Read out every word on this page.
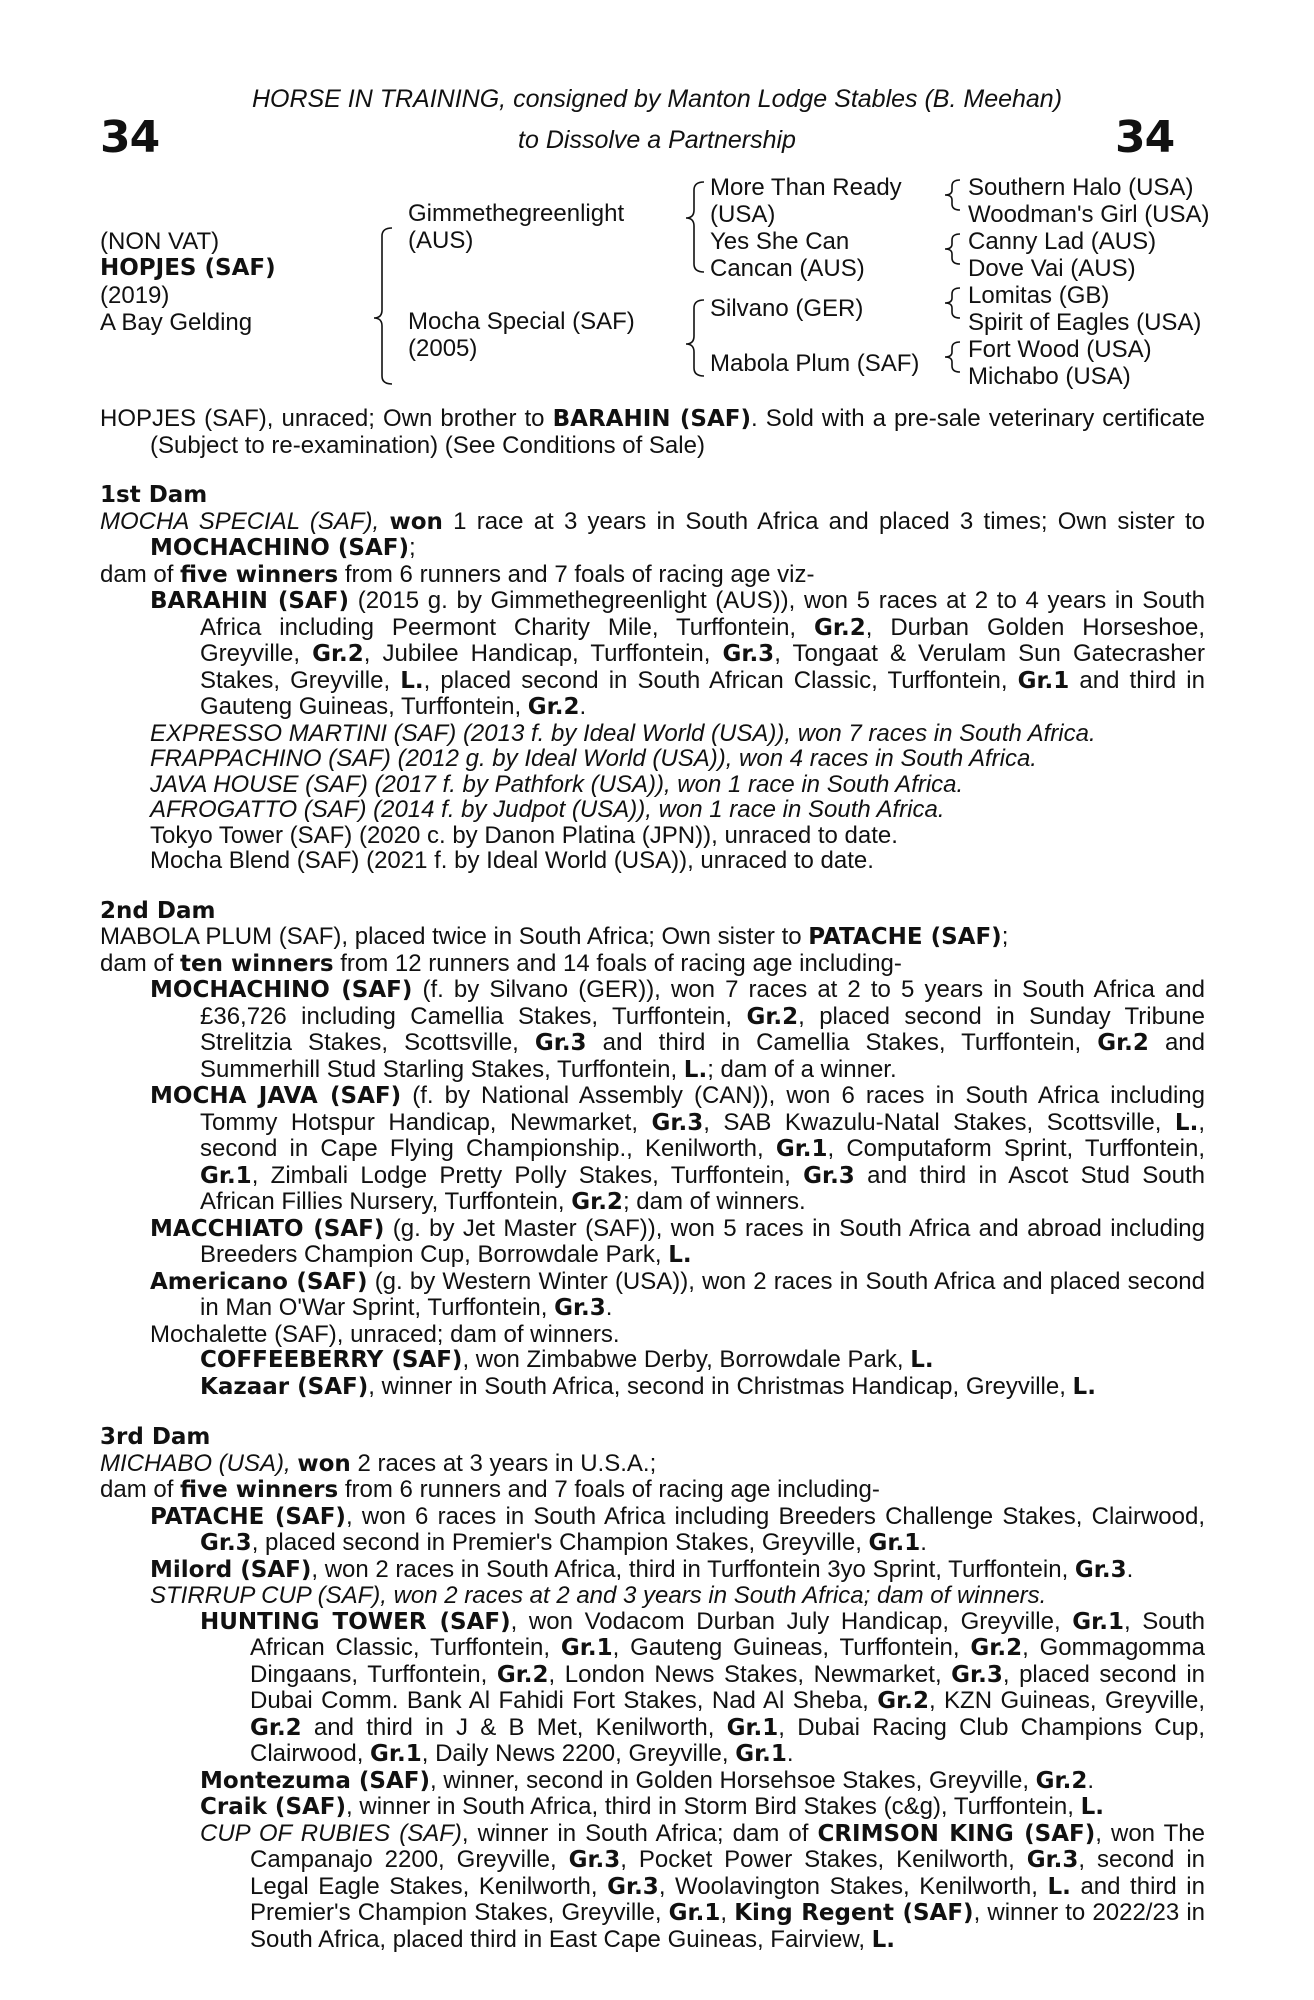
34	34
HORSE IN TRAINING, consigned by Manton Lodge Stables (B. Meehan)
to Dissolve a Partnership
(NON VAT)
HOPJES (SAF)
(2019)
A Bay Gelding
Gimmethegreenlight
(AUS)
Mocha Special (SAF)
(2005)
More Than Ready
(USA)
Yes She Can
Cancan (AUS)
Silvano (GER)
Mabola Plum (SAF)
Southern Halo (USA)
Woodman's Girl (USA)
Canny Lad (AUS)
Dove Vai (AUS)
Lomitas (GB)
Spirit of Eagles (USA)
Fort Wood (USA)
Michabo (USA)

HOPJES (SAF), unraced; Own brother to BARAHIN (SAF). Sold with a pre-sale veterinary certificate (Subject to re-examination) (See Conditions of Sale)

1st Dam

MOCHA SPECIAL (SAF), won 1 race at 3 years in South Africa and placed 3 times; Own sister to MOCHACHINO (SAF);

dam of five winners from 6 runners and 7 foals of racing age viz-

BARAHIN (SAF) (2015 g. by Gimmethegreenlight (AUS)), won 5 races at 2 to 4 years in South Africa including Peermont Charity Mile, Turffontein, Gr.2, Durban Golden Horseshoe, Greyville, Gr.2, Jubilee Handicap, Turffontein, Gr.3, Tongaat & Verulam Sun Gatecrasher Stakes, Greyville, L., placed second in South African Classic, Turffontein, Gr.1 and third in Gauteng Guineas, Turffontein, Gr.2.

EXPRESSO MARTINI (SAF) (2013 f. by Ideal World (USA)), won 7 races in South Africa.

FRAPPACHINO (SAF) (2012 g. by Ideal World (USA)), won 4 races in South Africa.

JAVA HOUSE (SAF) (2017 f. by Pathfork (USA)), won 1 race in South Africa.

AFROGATTO (SAF) (2014 f. by Judpot (USA)), won 1 race in South Africa.

Tokyo Tower (SAF) (2020 c. by Danon Platina (JPN)), unraced to date.

Mocha Blend (SAF) (2021 f. by Ideal World (USA)), unraced to date.

2nd Dam

MABOLA PLUM (SAF), placed twice in South Africa; Own sister to PATACHE (SAF);

dam of ten winners from 12 runners and 14 foals of racing age including-

MOCHACHINO (SAF) (f. by Silvano (GER)), won 7 races at 2 to 5 years in South Africa and £36,726 including Camellia Stakes, Turffontein, Gr.2, placed second in Sunday Tribune Strelitzia Stakes, Scottsville, Gr.3 and third in Camellia Stakes, Turffontein, Gr.2 and Summerhill Stud Starling Stakes, Turffontein, L.; dam of a winner.

MOCHA JAVA (SAF) (f. by National Assembly (CAN)), won 6 races in South Africa including Tommy Hotspur Handicap, Newmarket, Gr.3, SAB Kwazulu-Natal Stakes, Scottsville, L., second in Cape Flying Championship., Kenilworth, Gr.1, Computaform Sprint, Turffontein, Gr.1, Zimbali Lodge Pretty Polly Stakes, Turffontein, Gr.3 and third in Ascot Stud South African Fillies Nursery, Turffontein, Gr.2; dam of winners.

MACCHIATO (SAF) (g. by Jet Master (SAF)), won 5 races in South Africa and abroad including Breeders Champion Cup, Borrowdale Park, L.

Americano (SAF) (g. by Western Winter (USA)), won 2 races in South Africa and placed second in Man O'War Sprint, Turffontein, Gr.3.

Mochalette (SAF), unraced; dam of winners.

COFFEEBERRY (SAF), won Zimbabwe Derby, Borrowdale Park, L.

Kazaar (SAF), winner in South Africa, second in Christmas Handicap, Greyville, L.

3rd Dam

MICHABO (USA), won 2 races at 3 years in U.S.A.;

dam of five winners from 6 runners and 7 foals of racing age including-

PATACHE (SAF), won 6 races in South Africa including Breeders Challenge Stakes, Clairwood, Gr.3, placed second in Premier's Champion Stakes, Greyville, Gr.1.

Milord (SAF), won 2 races in South Africa, third in Turffontein 3yo Sprint, Turffontein, Gr.3.

STIRRUP CUP (SAF), won 2 races at 2 and 3 years in South Africa; dam of winners.

HUNTING TOWER (SAF), won Vodacom Durban July Handicap, Greyville, Gr.1, South African Classic, Turffontein, Gr.1, Gauteng Guineas, Turffontein, Gr.2, Gommagomma Dingaans, Turffontein, Gr.2, London News Stakes, Newmarket, Gr.3, placed second in Dubai Comm. Bank Al Fahidi Fort Stakes, Nad Al Sheba, Gr.2, KZN Guineas, Greyville, Gr.2 and third in J & B Met, Kenilworth, Gr.1, Dubai Racing Club Champions Cup, Clairwood, Gr.1, Daily News 2200, Greyville, Gr.1.

Montezuma (SAF), winner, second in Golden Horsehsoe Stakes, Greyville, Gr.2.

Craik (SAF), winner in South Africa, third in Storm Bird Stakes (c&g), Turffontein, L.

CUP OF RUBIES (SAF), winner in South Africa; dam of CRIMSON KING (SAF), won The Campanajo 2200, Greyville, Gr.3, Pocket Power Stakes, Kenilworth, Gr.3, second in Legal Eagle Stakes, Kenilworth, Gr.3, Woolavington Stakes, Kenilworth, L. and third in Premier's Champion Stakes, Greyville, Gr.1, King Regent (SAF), winner to 2022/23 in South Africa, placed third in East Cape Guineas, Fairview, L.
